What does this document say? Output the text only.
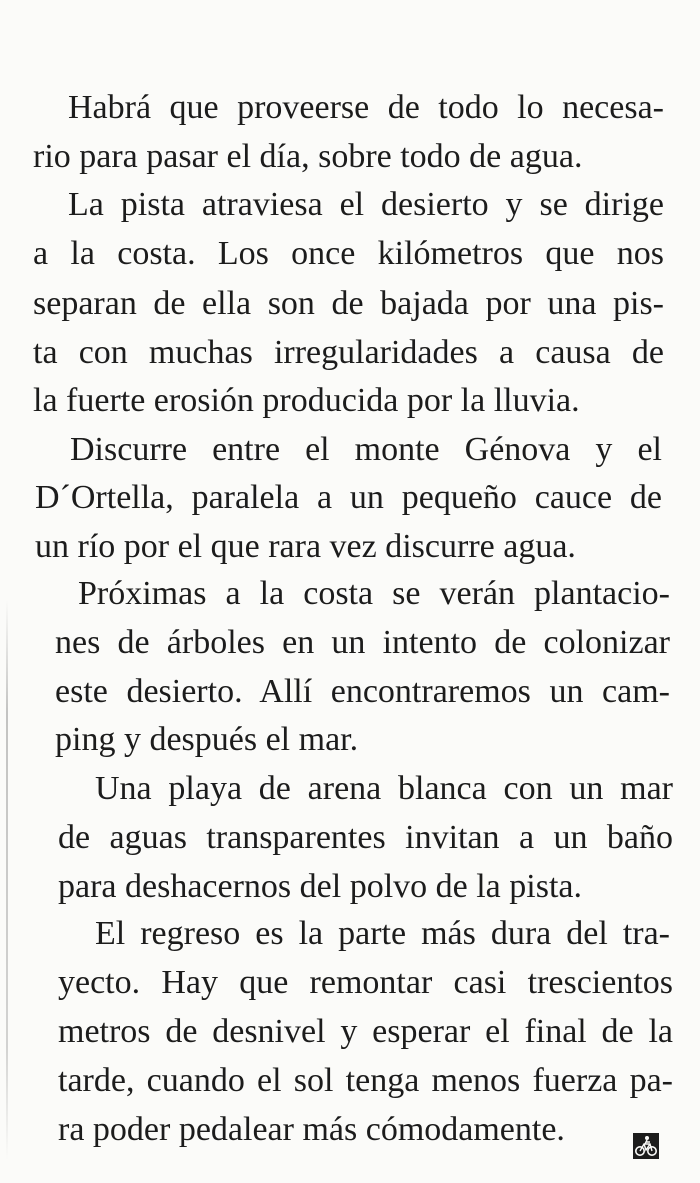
Habrá que proveerse de todo lo necesa-
rio para pasar el día, sobre todo de agua.
La pista atraviesa el desierto y se dirige
a la costa. Los once kilómetros que nos
separan de ella son de bajada por una pis-
ta con muchas irregularidades a causa de
la fuerte erosión producida por la lluvia.
Discurre entre el monte Génova y el
D´Ortella, paralela a un pequeño cauce de
un río por el que rara vez discurre agua.
Próximas a la costa se verán plantacio-
nes de árboles en un intento de colonizar
este desierto. Allí encontraremos un cam-
ping y después el mar.
Una playa de arena blanca con un mar
de aguas transparentes invitan a un baño
para deshacernos del polvo de la pista.
El regreso es la parte más dura del tra-
yecto. Hay que remontar casi trescientos
metros de desnivel y esperar el final de la
tarde, cuando el sol tenga menos fuerza pa-
ra poder pedalear más cómodamente.
